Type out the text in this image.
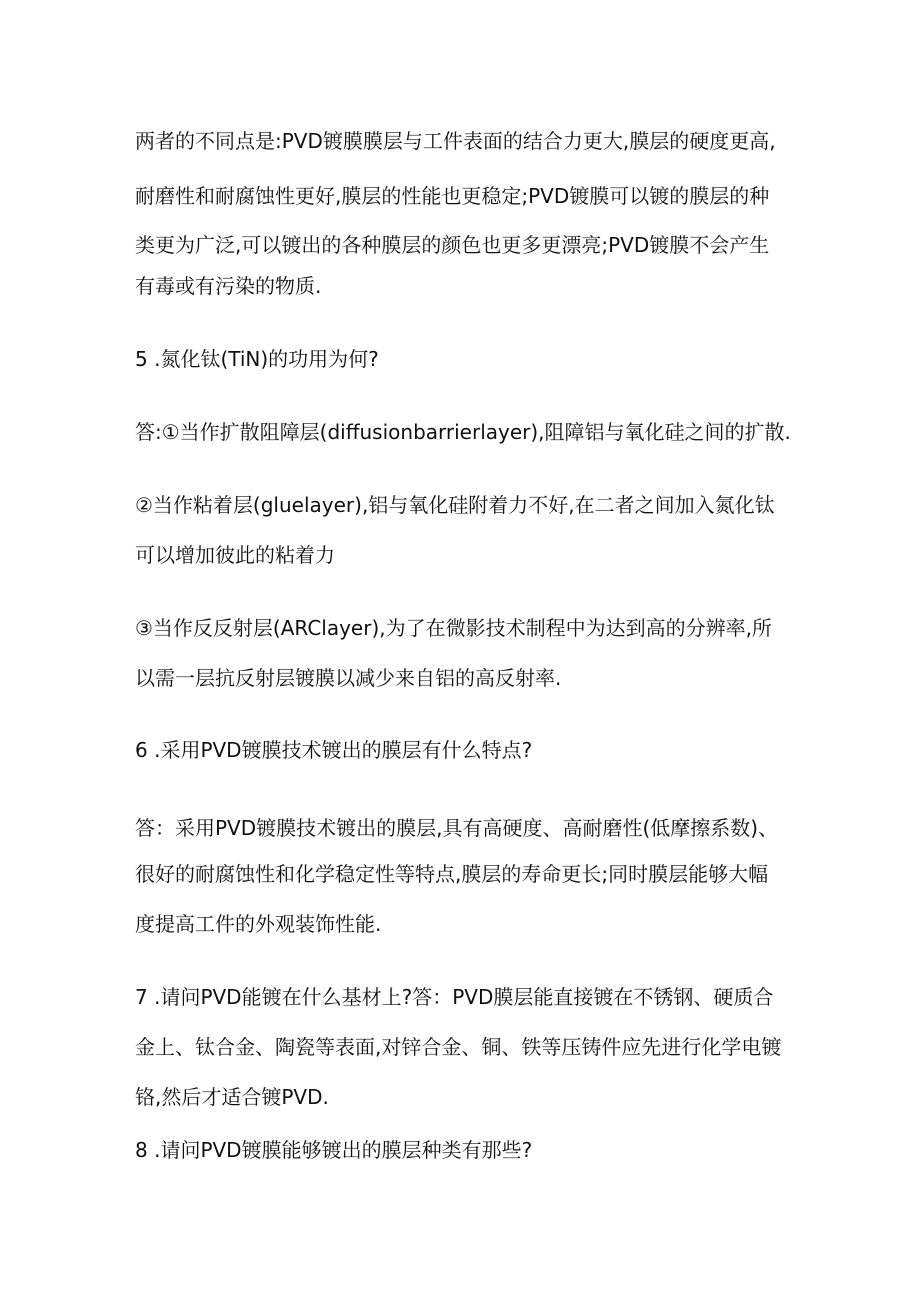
两者的不同点是:PVD镀膜膜层与工件表面的结合力更大,膜层的硬度更高,
耐磨性和耐腐蚀性更好,膜层的性能也更稳定;PVD镀膜可以镀的膜层的种
类更为广泛,可以镀出的各种膜层的颜色也更多更漂亮;PVD镀膜不会产生
有毒或有污染的物质.
5 .氮化钛(TiN)的功用为何?
答:①当作扩散阻障层(diffusionbarrierlayer),阻障铝与氧化硅之间的扩散.
②当作粘着层(gluelayer),铝与氧化硅附着力不好,在二者之间加入氮化钛
可以增加彼此的粘着力
③当作反反射层(ARClayer),为了在微影技术制程中为达到高的分辨率,所
以需一层抗反射层镀膜以减少来自铝的高反射率.
6 .采用PVD镀膜技术镀出的膜层有什么特点?
答：采用PVD镀膜技术镀出的膜层,具有高硬度、高耐磨性(低摩擦系数)、
很好的耐腐蚀性和化学稳定性等特点,膜层的寿命更长;同时膜层能够大幅
度提高工件的外观装饰性能.
7 .请问PVD能镀在什么基材上?答：PVD膜层能直接镀在不锈钢、硬质合
金上、钛合金、陶瓷等表面,对锌合金、铜、铁等压铸件应先进行化学电镀
铬,然后才适合镀PVD.
8 .请问PVD镀膜能够镀出的膜层种类有那些?
